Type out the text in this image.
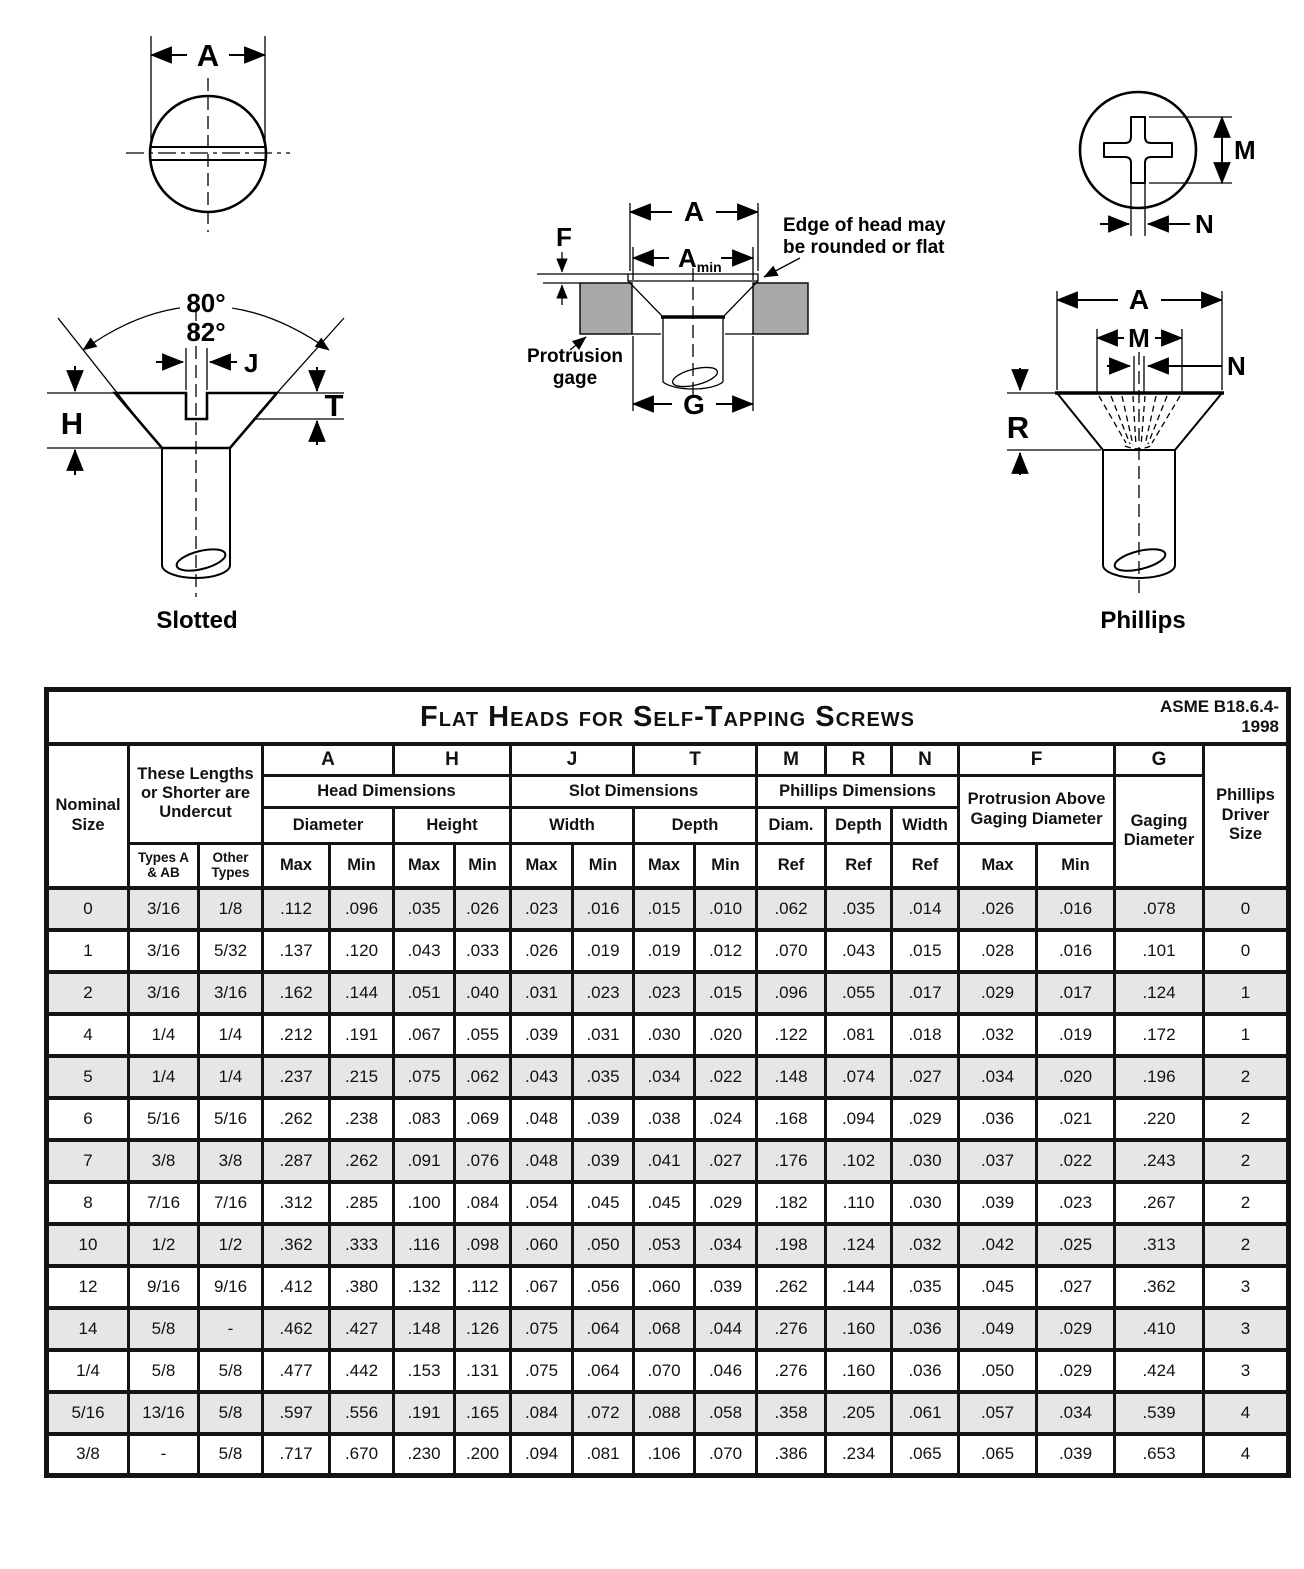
A
80°
82°
J
H
T
Slotted
F
A
Amin
Edge of head may
be rounded or flat
Protrusion
gage
G
M
N
A
M
N
R
Phillips
Flat Heads for Self-Tapping Screws ASME B18.6.4-
1998																	

Nominal Size	These Lengths or Shorter are Undercut		A		H		J		T		M	R	N	F		G	Phillips Driver Size
			Head Dimensions				Slot Dimensions				Phillips Dimensions			Protrusion Above Gaging Diameter		Gaging Diameter	
			Diameter		Height		Width		Depth		Diam.	Depth	Width				
	Types A & AB	Other Types	Max	Min	Max	Min	Max	Min	Max	Min	Ref	Ref	Ref	Max	Min		
0	3/16	1/8	.112	.096	.035	.026	.023	.016	.015	.010	.062	.035	.014	.026	.016	.078	0
1	3/16	5/32	.137	.120	.043	.033	.026	.019	.019	.012	.070	.043	.015	.028	.016	.101	0
2	3/16	3/16	.162	.144	.051	.040	.031	.023	.023	.015	.096	.055	.017	.029	.017	.124	1
4	1/4	1/4	.212	.191	.067	.055	.039	.031	.030	.020	.122	.081	.018	.032	.019	.172	1
5	1/4	1/4	.237	.215	.075	.062	.043	.035	.034	.022	.148	.074	.027	.034	.020	.196	2
6	5/16	5/16	.262	.238	.083	.069	.048	.039	.038	.024	.168	.094	.029	.036	.021	.220	2
7	3/8	3/8	.287	.262	.091	.076	.048	.039	.041	.027	.176	.102	.030	.037	.022	.243	2
8	7/16	7/16	.312	.285	.100	.084	.054	.045	.045	.029	.182	.110	.030	.039	.023	.267	2
10	1/2	1/2	.362	.333	.116	.098	.060	.050	.053	.034	.198	.124	.032	.042	.025	.313	2
12	9/16	9/16	.412	.380	.132	.112	.067	.056	.060	.039	.262	.144	.035	.045	.027	.362	3
14	5/8	-	.462	.427	.148	.126	.075	.064	.068	.044	.276	.160	.036	.049	.029	.410	3
1/4	5/8	5/8	.477	.442	.153	.131	.075	.064	.070	.046	.276	.160	.036	.050	.029	.424	3
5/16	13/16	5/8	.597	.556	.191	.165	.084	.072	.088	.058	.358	.205	.061	.057	.034	.539	4
3/8	-	5/8	.717	.670	.230	.200	.094	.081	.106	.070	.386	.234	.065	.065	.039	.653	4
